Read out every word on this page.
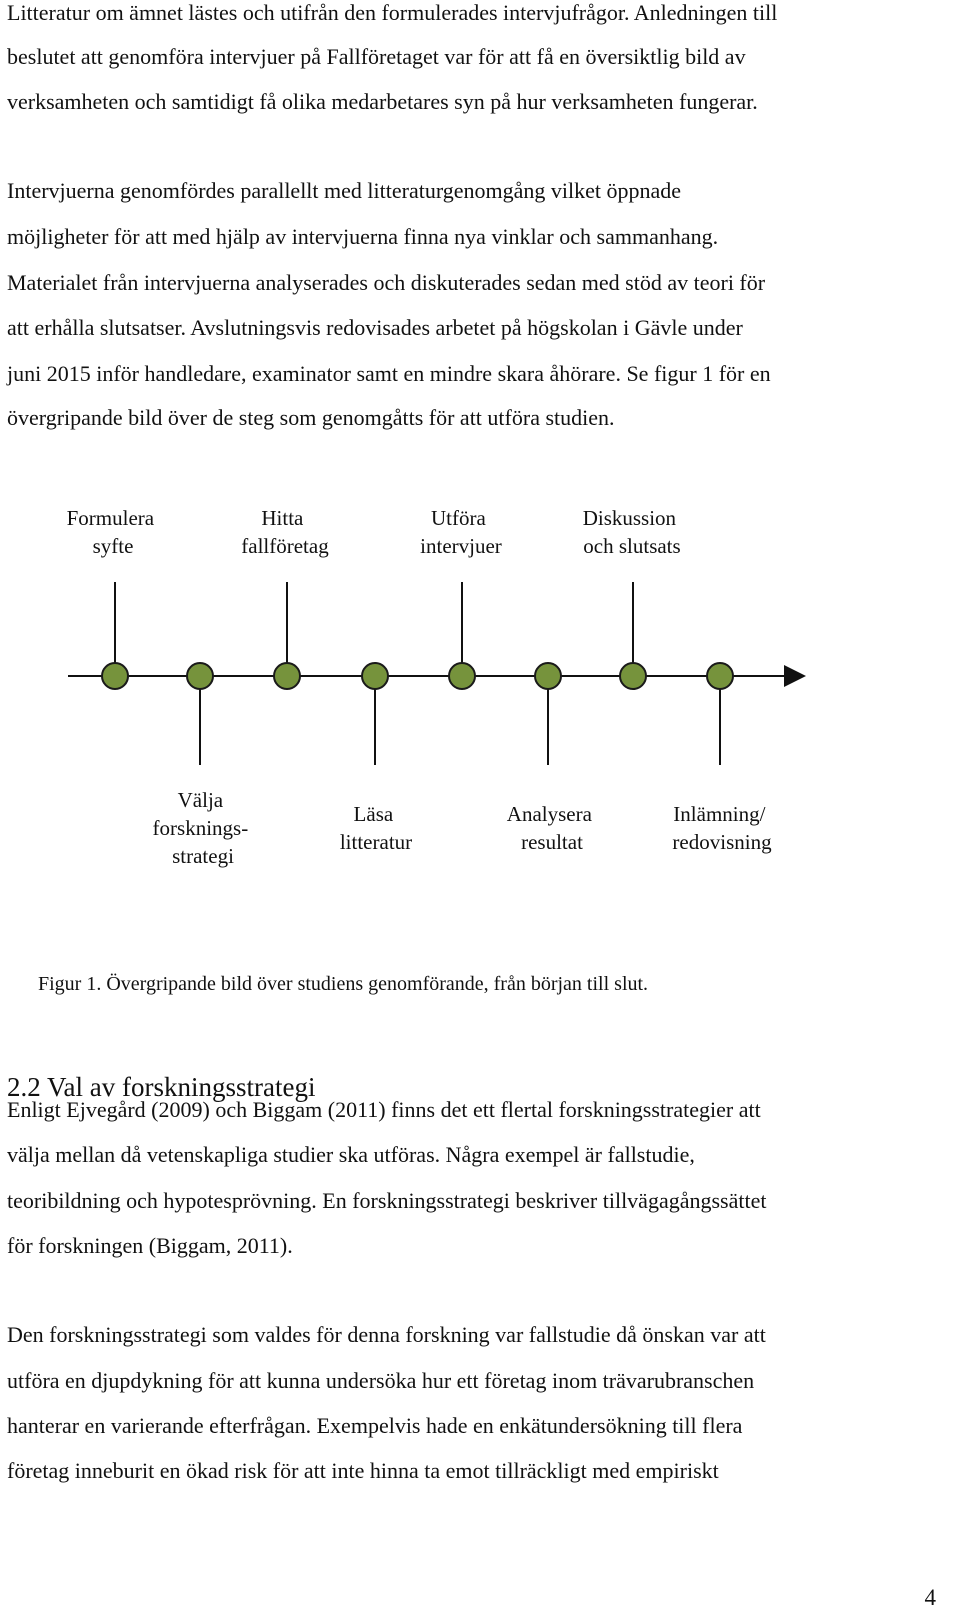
Litteratur om ämnet lästes och utifrån den formulerades intervjufrågor. Anledningen till
beslutet att genomföra intervjuer på Fallföretaget var för att få en översiktlig bild av
verksamheten och samtidigt få olika medarbetares syn på hur verksamheten fungerar.
Intervjuerna genomfördes parallellt med litteraturgenomgång vilket öppnade
möjligheter för att med hjälp av intervjuerna finna nya vinklar och sammanhang.
Materialet från intervjuerna analyserades och diskuterades sedan med stöd av teori för
att erhålla slutsatser. Avslutningsvis redovisades arbetet på högskolan i Gävle under
juni 2015 inför handledare, examinator samt en mindre skara åhörare. Se figur 1 för en
övergripande bild över de steg som genomgåtts för att utföra studien.
Formulera syfte
Hitta fallföretag
Utföra intervjuer
Diskussion och slutsats
Välja forsknings- strategi
Läsa litteratur
Analysera resultat
Inlämning/ redovisning
Figur 1. Övergripande bild över studiens genomförande, från början till slut.
2.2 Val av forskningsstrategi
Enligt Ejvegård (2009) och Biggam (2011) finns det ett flertal forskningsstrategier att
välja mellan då vetenskapliga studier ska utföras. Några exempel är fallstudie,
teoribildning och hypotesprövning. En forskningsstrategi beskriver tillvägagångssättet
för forskningen (Biggam, 2011).
Den forskningsstrategi som valdes för denna forskning var fallstudie då önskan var att
utföra en djupdykning för att kunna undersöka hur ett företag inom trävarubranschen
hanterar en varierande efterfrågan. Exempelvis hade en enkätundersökning till flera
företag inneburit en ökad risk för att inte hinna ta emot tillräckligt med empiriskt
4
